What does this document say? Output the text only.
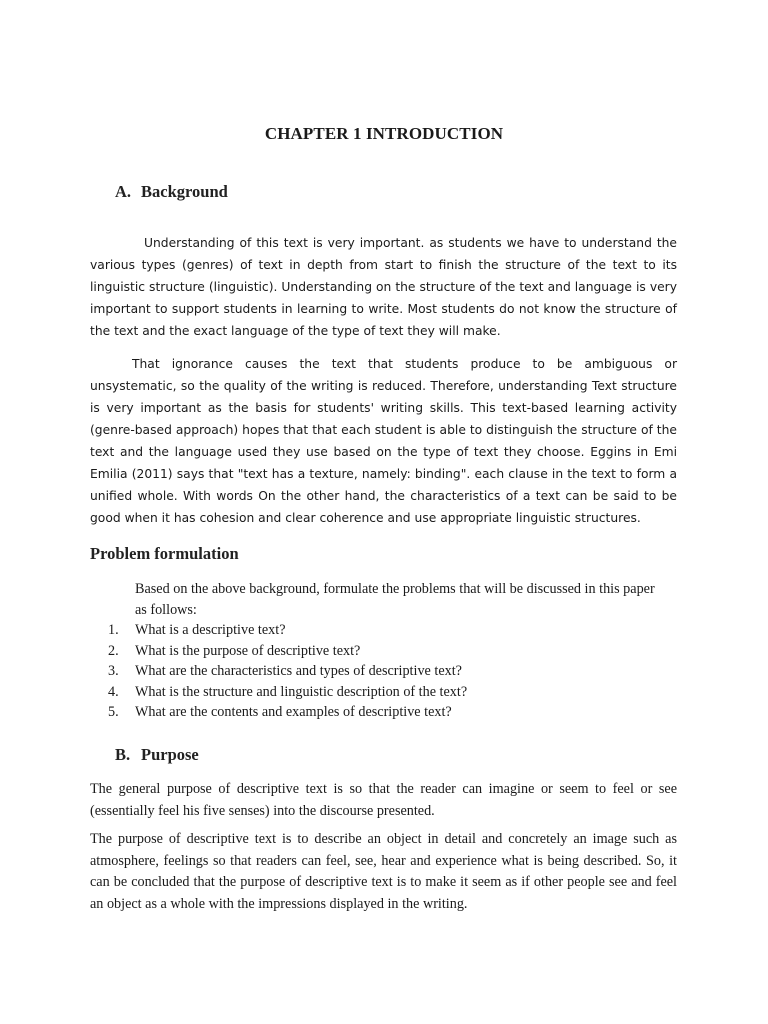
CHAPTER 1 INTRODUCTION
A. Background

Understanding of this text is very important. as students we have to understand the various types (genres) of text in depth from start to finish the structure of the text to its linguistic structure (linguistic). Understanding on the structure of the text and language is very important to support students in learning to write. Most students do not know the structure of the text and the exact language of the type of text they will make.

That ignorance causes the text that students produce to be ambiguous or unsystematic, so the quality of the writing is reduced. Therefore, understanding Text structure is very important as the basis for students' writing skills. This text-based learning activity (genre-based approach) hopes that that each student is able to distinguish the structure of the text and the language used they use based on the type of text they choose. Eggins in Emi Emilia (2011) says that "text has a texture, namely: binding". each clause in the text to form a unified whole. With words On the other hand, the characteristics of a text can be said to be good when it has cohesion and clear coherence and use appropriate linguistic structures.

Problem formulation

Based on the above background, formulate the problems that will be discussed in this paper as follows:

1.	What is a descriptive text?
2.	What is the purpose of descriptive text?
3.	What are the characteristics and types of descriptive text?
4.	What is the structure and linguistic description of the text?
5.	What are the contents and examples of descriptive text?
B. Purpose

The general purpose of descriptive text is so that the reader can imagine or seem to feel or see (essentially feel his five senses) into the discourse presented.

The purpose of descriptive text is to describe an object in detail and concretely an image such as atmosphere, feelings so that readers can feel, see, hear and experience what is being described. So, it can be concluded that the purpose of descriptive text is to make it seem as if other people see and feel an object as a whole with the impressions displayed in the writing.
